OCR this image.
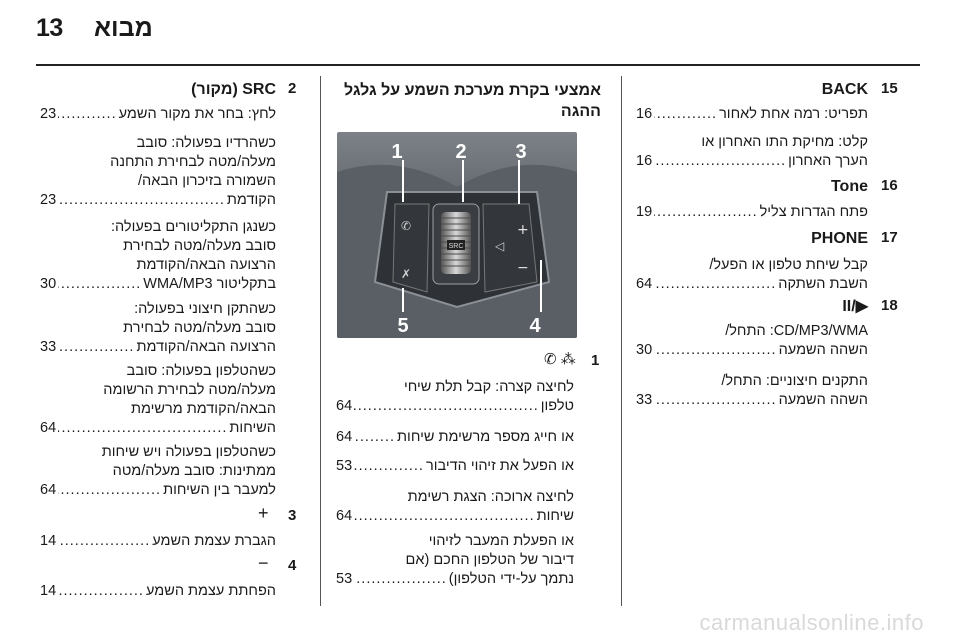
13 מבוא
2
SRC (מקור)
לחץ: בחר את מקור השמע
.....
23
כשהרדיו בפעולה: סובב
מעלה/מטה לבחירת התחנה
השמורה בזיכרון הבאה/
הקודמת
.....
23
כשנגן התקליטורים בפעולה:
סובב מעלה/מטה לבחירת
הרצועה הבאה/הקודמת
בתקליטור WMA/MP3
.....
30
כשהתקן חיצוני בפעולה:
סובב מעלה/מטה לבחירת
הרצועה הבאה/הקודמת
.....
33
כשהטלפון בפעולה: סובב
מעלה/מטה לבחירת הרשומה
הבאה/הקודמת מרשימת
השיחות
.....
64
כשהטלפון בפעולה ויש שיחות
ממתינות: סובב מעלה/מטה
למעבר בין השיחות
.....
64
3
+
הגברת עצמת השמע
.....
14
4
−
הפחתת עצמת השמע
.....
14
אמצעי בקרת מערכת השמע על גלגל
ההגה
SRC
+
−
✆
✗
◁
1	2 3
4
5
1
✆ ⁂
לחיצה קצרה: קבל תלת שיחי
טלפון
.....
64
או חייג מספר מרשימת שיחות
.....
64
או הפעל את זיהוי הדיבור
.....
53
לחיצה ארוכה: הצגת רשימת
שיחות
.....
64
או הפעלת המעבר לזיהוי
דיבור של הטלפון החכם (אם
נתמך על-ידי הטלפון)
.....
53
15
BACK
תפריט: רמה אחת לאחור
.....
16
קלט: מחיקת התו האחרון או
הערך האחרון
.....
16
16
Tone
פתח הגדרות צליל
.....
19
17
PHONE
קבל שיחת טלפון או הפעל/
השבת השתקה
.....
64
18
▶/II
CD/MP3/WMA: התחל/
השהה השמעה
.....
30
התקנים חיצוניים: התחל/
השהה השמעה
.....
33
carmanualsonline.info
